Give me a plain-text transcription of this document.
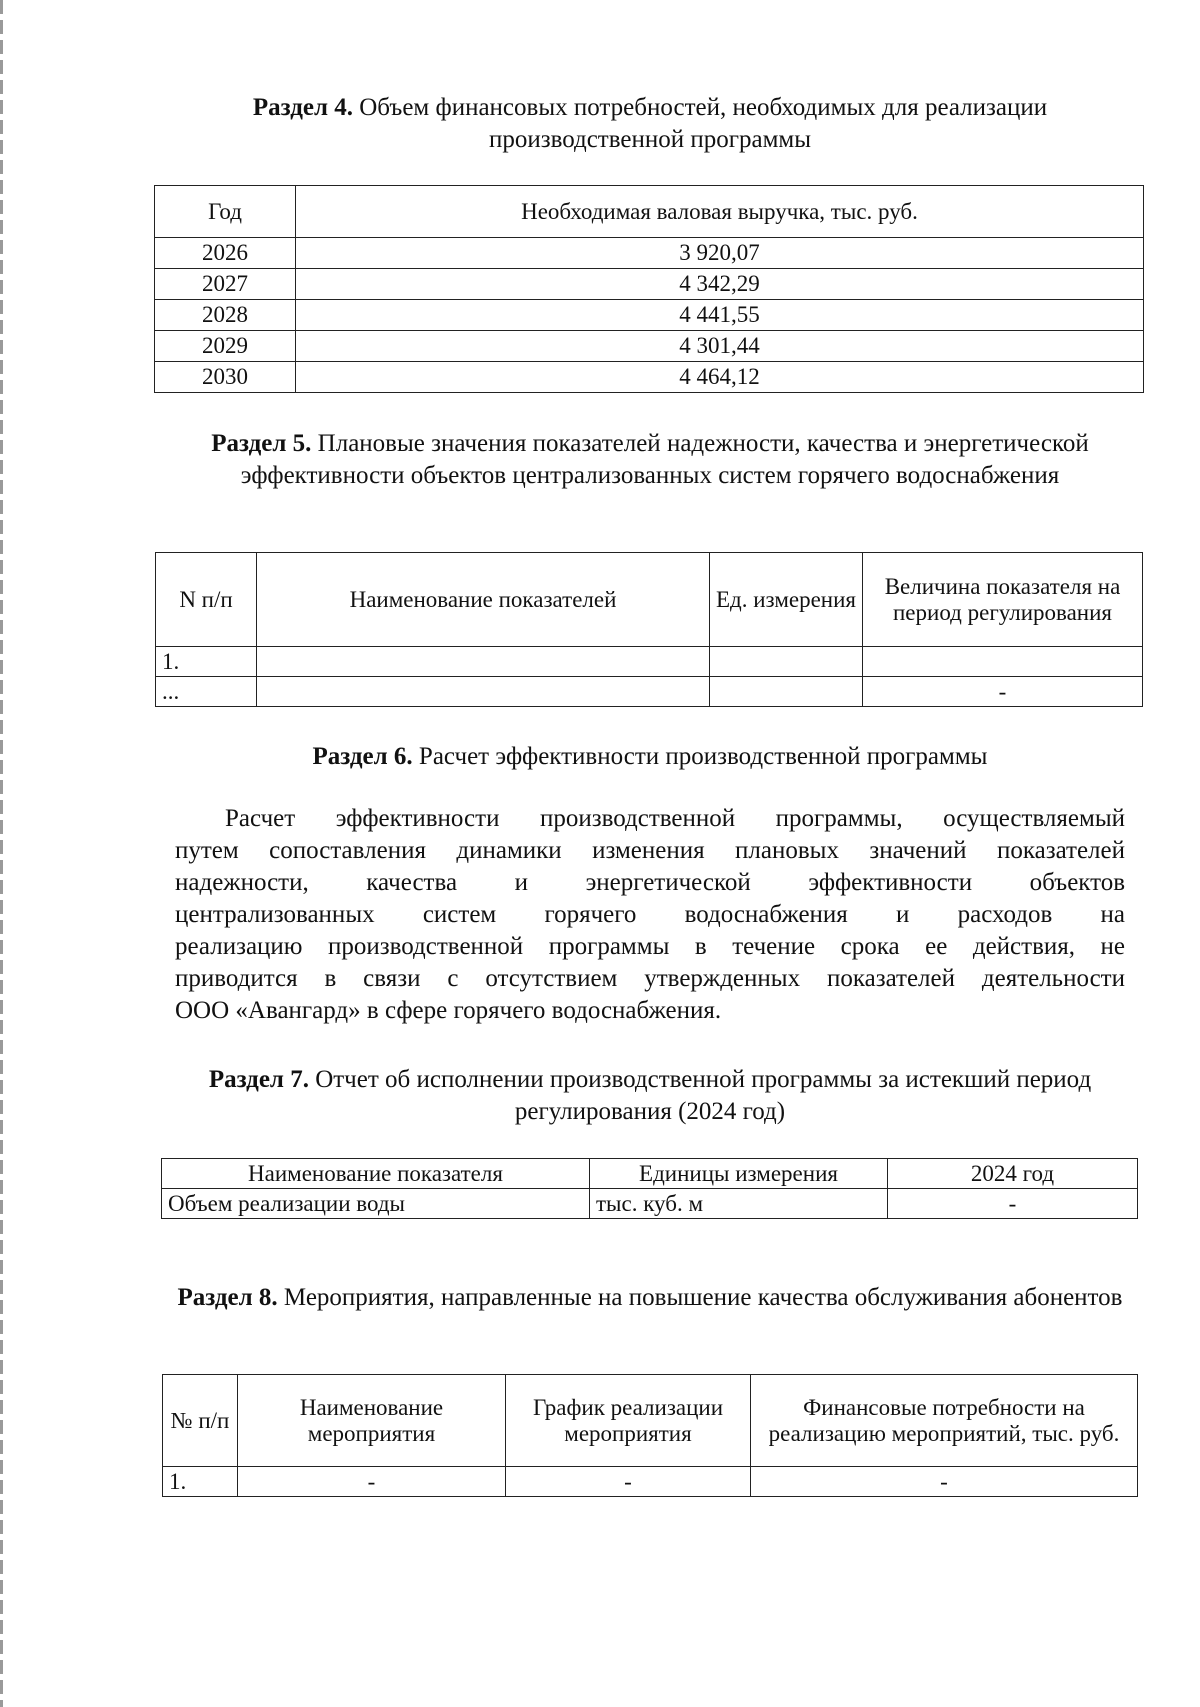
Раздел 4. Объем финансовых потребностей, необходимых для реализации производственной программы
Год	Необходимая валовая выручка, тыс. руб.
2026	3 920,07
2027	4 342,29
2028	4 441,55
2029	4 301,44
2030	4 464,12
Раздел 5. Плановые значения показателей надежности, качества и энергетической эффективности объектов централизованных систем горячего водоснабжения
N п/п	Наименование показателей	Ед. измерения	Величина показателя на период регулирования
1.			
...			-
Раздел 6. Расчет эффективности производственной программы
Расчет эффективности производственной программы, осуществляемый
путем сопоставления динамики изменения плановых значений показателей
надежности, качества и энергетической эффективности объектов
централизованных систем горячего водоснабжения и расходов на
реализацию производственной программы в течение срока ее действия, не
приводится в связи с отсутствием утвержденных показателей деятельности
ООО «Авангард» в сфере горячего водоснабжения.
Раздел 7. Отчет об исполнении производственной программы за истекший период регулирования (2024 год)
Наименование показателя	Единицы измерения	2024 год
Объем реализации воды	тыс. куб. м	-
Раздел 8. Мероприятия, направленные на повышение качества обслуживания абонентов
№ п/п	Наименование мероприятия	График реализации мероприятия	Финансовые потребности на реализацию мероприятий, тыс. руб.
1.	-	-	-
